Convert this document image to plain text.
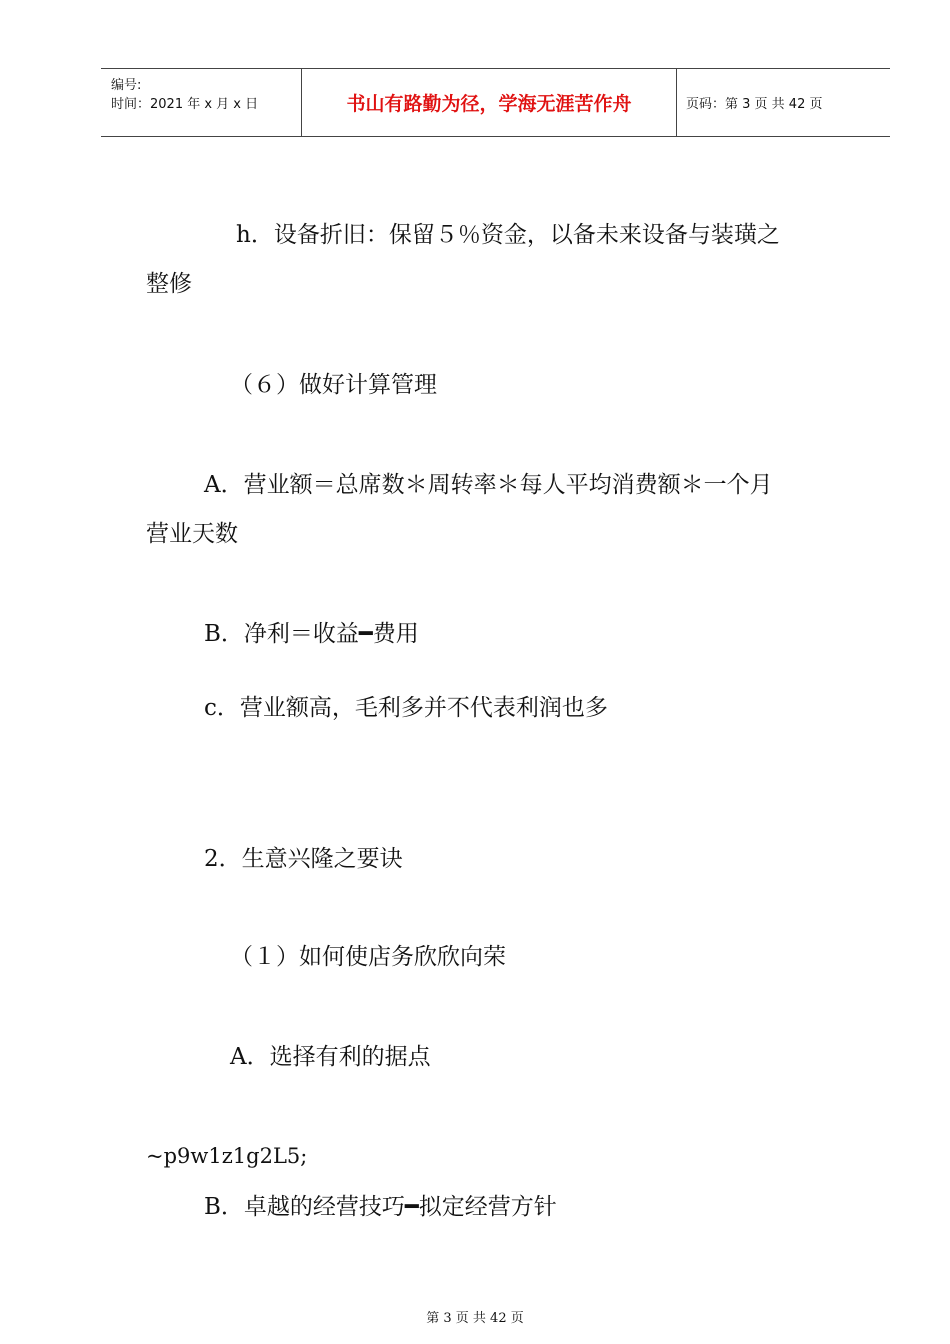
编号:
时间：2021 年 x 月 x 日	书山有路勤为径，学海无涯苦作舟	页码：第 3 页 共 42 页
h．设备折旧：保留５％资金，以备未来设备与装璜之
整修
（６）做好计算管理
A．营业额＝总席数＊周转率＊每人平均消费额＊一个月
营业天数
B．净利＝收益━费用
c．营业额高，毛利多并不代表利润也多
2．生意兴隆之要诀
（１）如何使店务欣欣向荣
A．选择有利的据点
~p9w1z1g2L5;
B．卓越的经营技巧━拟定经营方针
第 3 页 共 42 页
